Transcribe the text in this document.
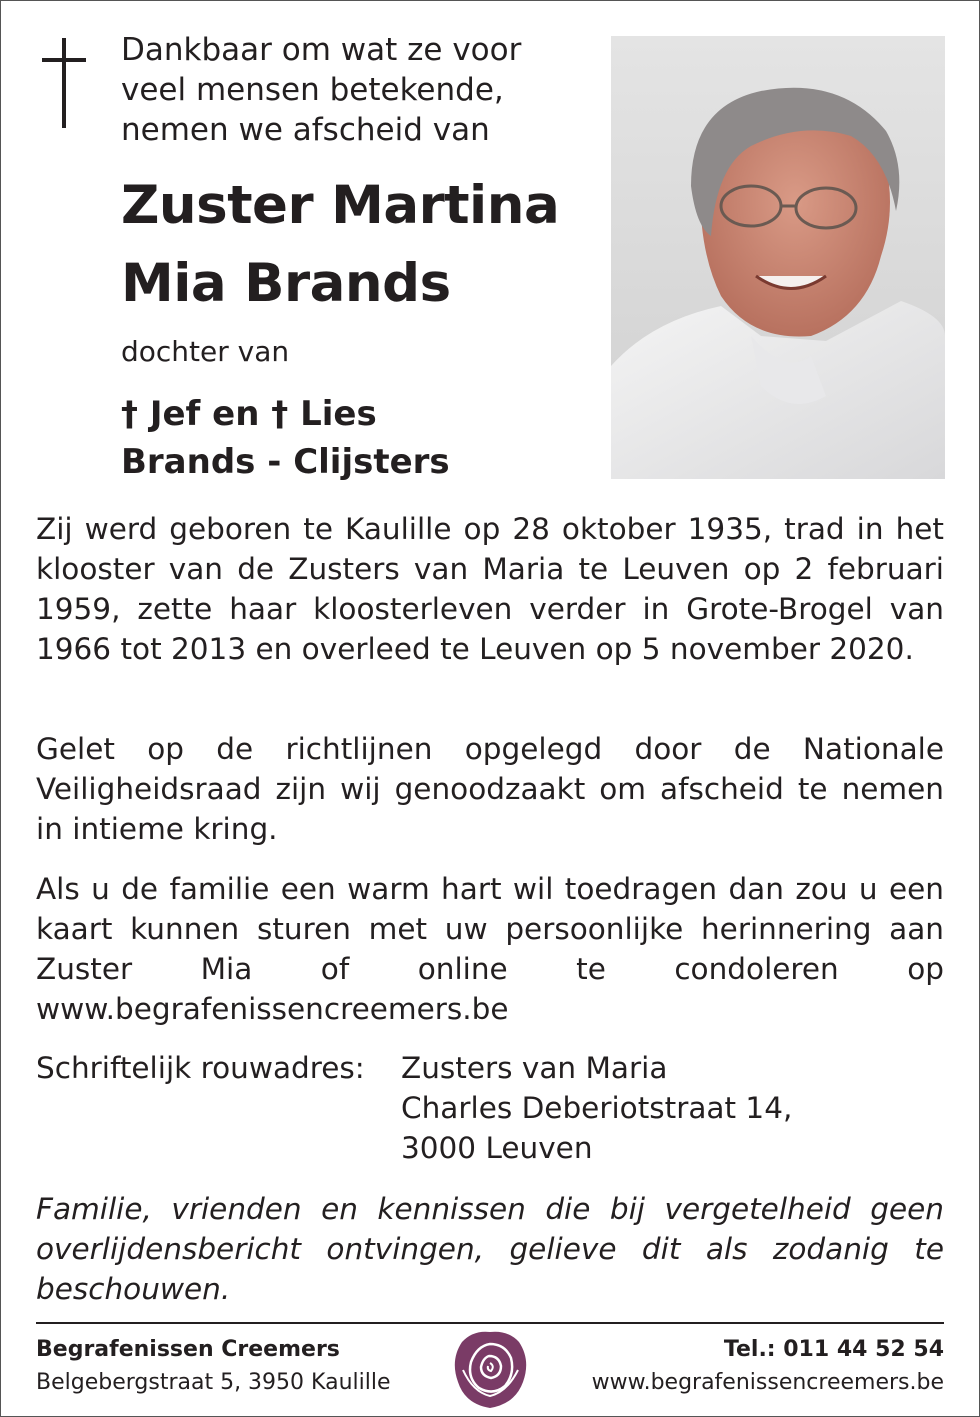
Dankbaar om wat ze voor
veel mensen betekende,
nemen we afscheid van
Zuster Martina
Mia Brands
dochter van
† Jef en † Lies
Brands - Clijsters
Zij werd geboren te Kaulille op 28 oktober 1935, trad in het klooster van de Zusters van Maria te Leuven op 2 februari 1959, zette haar kloosterleven verder in Grote-Brogel van 1966 tot 2013 en overleed te Leuven op 5 november 2020.
Gelet op de richtlijnen opgelegd door de Nationale Veiligheidsraad zijn wij genoodzaakt om afscheid te nemen in intieme kring.
Als u de familie een warm hart wil toedragen dan zou u een kaart kunnen sturen met uw persoonlijke herinnering aan Zuster Mia of online te condoleren op www.begrafenissencreemers.be
Schriftelijk rouwadres: Zusters van Maria
Charles Deberiotstraat 14,
3000 Leuven
Familie, vrienden en kennissen die bij vergetelheid geen overlijdensbericht ontvingen, gelieve dit als zodanig te beschouwen.
Begrafenissen Creemers
Belgebergstraat 5, 3950 Kaulille
Tel.: 011 44 52 54
www.begrafenissencreemers.be
